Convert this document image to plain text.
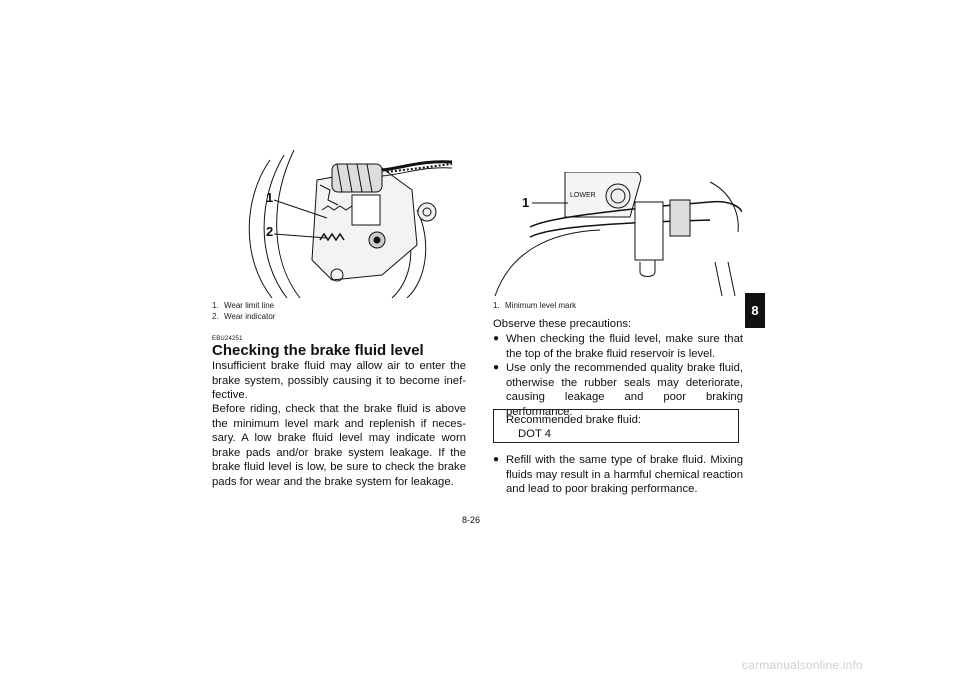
1
2
LOWER
1
1. Wear limit line
2. Wear indicator
1. Minimum level mark
EBU24251
Checking the brake fluid level

Insufficient brake fluid may allow air to enter the brake system, possibly causing it to become inef-fective.

Before riding, check that the brake fluid is above the minimum level mark and replenish if neces-sary. A low brake fluid level may indicate worn brake pads and/or brake system leakage. If the brake fluid level is low, be sure to check the brake pads for wear and the brake system for leakage.

Observe these precautions:

● When checking the fluid level, make sure that the top of the brake fluid reservoir is level.
● Use only the recommended quality brake fluid, otherwise the rubber seals may deteriorate, causing leakage and poor braking performance.
Recommended brake fluid:
DOT 4
● Refill with the same type of brake fluid. Mixing fluids may result in a harmful chemical reaction and lead to poor braking performance.
8-26
8
carmanualsonline.info
